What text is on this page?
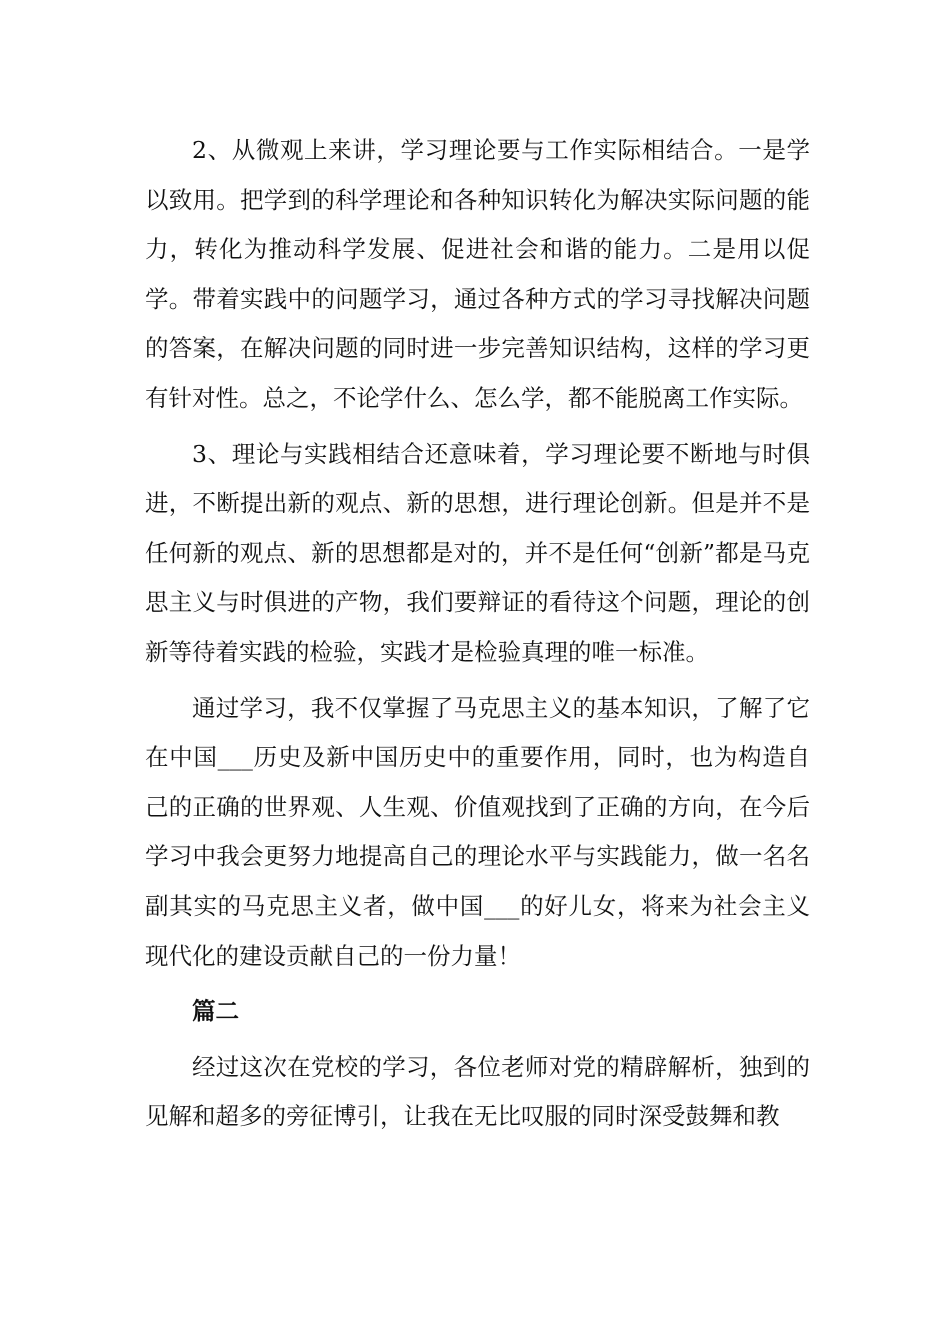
2、从微观上来讲，学习理论要与工作实际相结合。一是学以致用。把学到的科学理论和各种知识转化为解决实际问题的能力，转化为推动科学发展、促进社会和谐的能力。二是用以促学。带着实践中的问题学习，通过各种方式的学习寻找解决问题的答案，在解决问题的同时进一步完善知识结构，这样的学习更有针对性。总之，不论学什么、怎么学，都不能脱离工作实际。

3、理论与实践相结合还意味着，学习理论要不断地与时俱进，不断提出新的观点、新的思想，进行理论创新。但是并不是任何新的观点、新的思想都是对的，并不是任何“创新”都是马克思主义与时俱进的产物，我们要辩证的看待这个问题，理论的创新等待着实践的检验，实践才是检验真理的唯一标准。

通过学习，我不仅掌握了马克思主义的基本知识，了解了它在中国___历史及新中国历史中的重要作用，同时，也为构造自己的正确的世界观、人生观、价值观找到了正确的方向，在今后学习中我会更努力地提高自己的理论水平与实践能力，做一名名副其实的马克思主义者，做中国___的好儿女，将来为社会主义现代化的建设贡献自己的一份力量！

篇二

经过这次在党校的学习，各位老师对党的精辟解析，独到的见解和超多的旁征博引，让我在无比叹服的同时深受鼓舞和教
